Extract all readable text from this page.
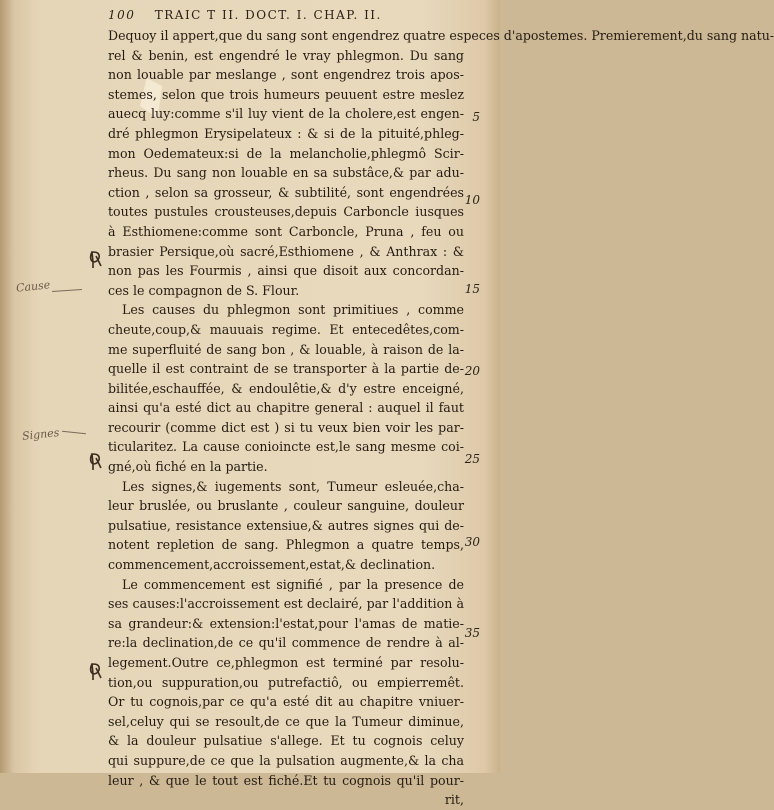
100 TRAIC T II. DOCT. I. CHAP. II.
Dequoy il appert,que du sang sont engendrez quatre especes d'apostemes. Premierement,du sang natu-
rel & benin, est engendré le vray phlegmon. Du sang
non louable par meslange , sont engendrez trois apos-
stemes, selon que trois humeurs peuuent estre meslez
auecq luy:comme s'il luy vient de la cholere,est engen-
dré phlegmon Erysipelateux : & si de la pituité,phleg-
mon Oedemateux:si de la melancholie,phlegmô Scir-
rheus. Du sang non louable en sa substâce,& par adu-
ction , selon sa grosseur, & subtilité, sont engendrées
toutes pustules crousteuses,depuis Carboncle iusques
à Esthiomene:comme sont Carboncle, Pruna , feu ou
brasier Persique,où sacré,Esthiomene , & Anthrax : &
non pas les Fourmis , ainsi que disoit aux concordan-
ces le compagnon de S. Flour.
Les causes du phlegmon sont primitiues , comme
cheute,coup,& mauuais regime. Et entecedêtes,com-
me superfluité de sang bon , & louable, à raison de la-
quelle il est contraint de se transporter à la partie de-
bilitée,eschauffée, & endoulêtie,& d'y estre enceigné,
ainsi qu'a esté dict au chapitre general : auquel il faut
recourir (comme dict est ) si tu veux bien voir les par-
ticularitez. La cause conioincte est,le sang mesme coi-
gné,où fiché en la partie.
Les signes,& iugements sont, Tumeur esleuée,cha-
leur bruslée, ou bruslante , couleur sanguine, douleur
pulsatiue, resistance extensiue,& autres signes qui de-
notent repletion de sang. Phlegmon a quatre temps,
commencement,accroissement,estat,& declination.
Le commencement est signifié , par la presence de
ses causes:l'accroissement est declairé, par l'addition à
sa grandeur:& extension:l'estat,pour l'amas de matie-
re:la declination,de ce qu'il commence de rendre à al-
legement.Outre ce,phlegmon est terminé par resolu-
tion,ou suppuration,ou putrefactiô, ou empierremêt.
Or tu cognois,par ce qu'a esté dit au chapitre vniuer-
sel,celuy qui se resoult,de ce que la Tumeur diminue,
& la douleur pulsatiue s'allege. Et tu cognois celuy
qui suppure,de ce que la pulsation augmente,& la cha
leur , & que le tout est fiché.Et tu cognois qu'il pour-
rit,
5
10
15
20
25
30
35
Cause
Signes
